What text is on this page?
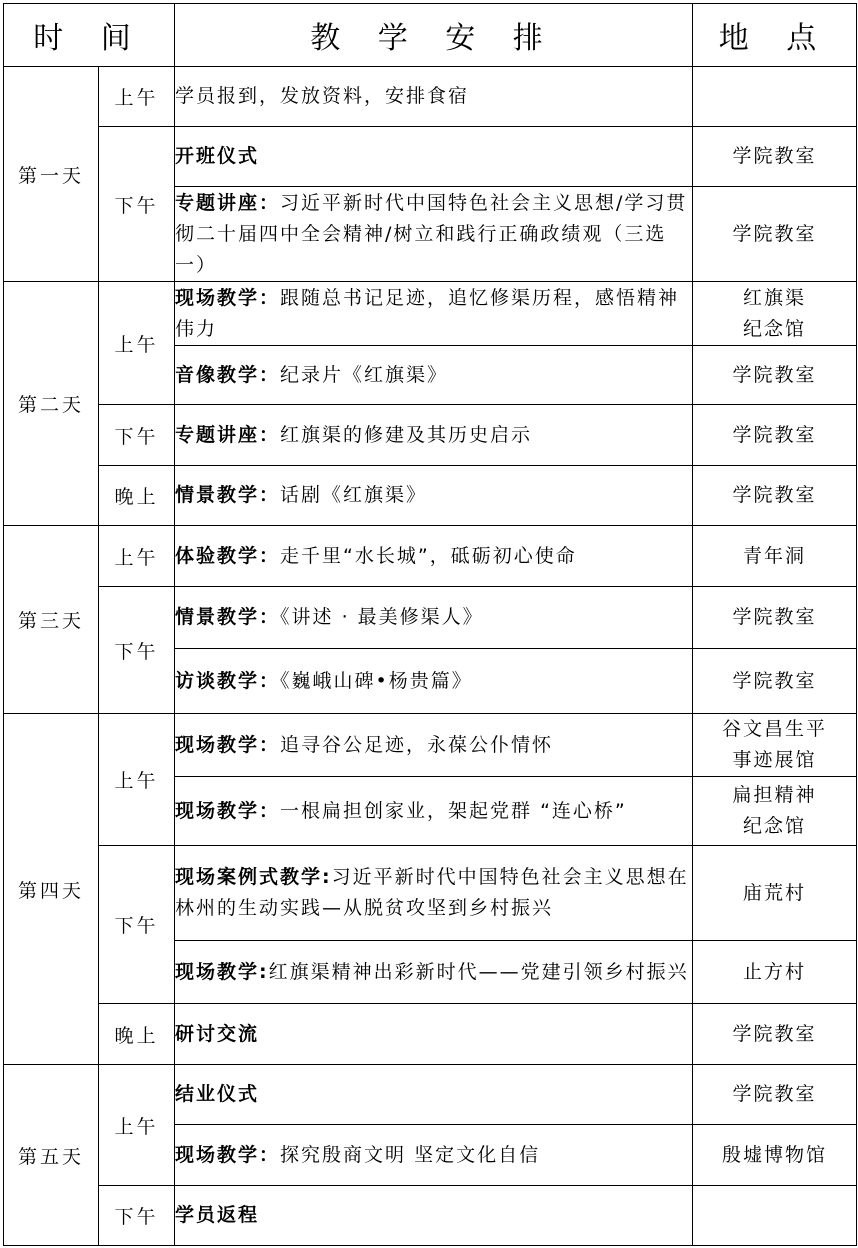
时 间		教 学 安 排	地 点
第一天	上午	学员报到，发放资料，安排食宿	
	下午	开班仪式	学院教室

		专题讲座：习近平新时代中国特色社会主义思想/学习贯彻二十届四中全会精神/树立和践行正确政绩观（三选一）	学院教室

第二天	上午	现场教学：跟随总书记足迹，追忆修渠历程，感悟精神伟力	红旗渠
纪念馆

		音像教学：纪录片《红旗渠》	学院教室

	下午	专题讲座：红旗渠的修建及其历史启示	学院教室

	晚上	情景教学：话剧《红旗渠》	学院教室

第三天	上午	体验教学：走千里“水长城”，砥砺初心使命	青年洞

	下午	情景教学：《讲述 · 最美修渠人》	学院教室

		访谈教学：《巍峨山碑•杨贵篇》	学院教室

第四天	上午	现场教学：追寻谷公足迹，永葆公仆情怀	谷文昌生平
事迹展馆

		现场教学：一根扁担创家业，架起党群 “连心桥”	扁担精神
纪念馆

	下午	现场案例式教学:习近平新时代中国特色社会主义思想在林州的生动实践—从脱贫攻坚到乡村振兴	庙荒村

		现场教学:红旗渠精神出彩新时代——党建引领乡村振兴	止方村

	晚上	研讨交流	学院教室

第五天	上午	结业仪式	学院教室

		现场教学：探究殷商文明 坚定文化自信	殷墟博物馆

	下午	学员返程	
